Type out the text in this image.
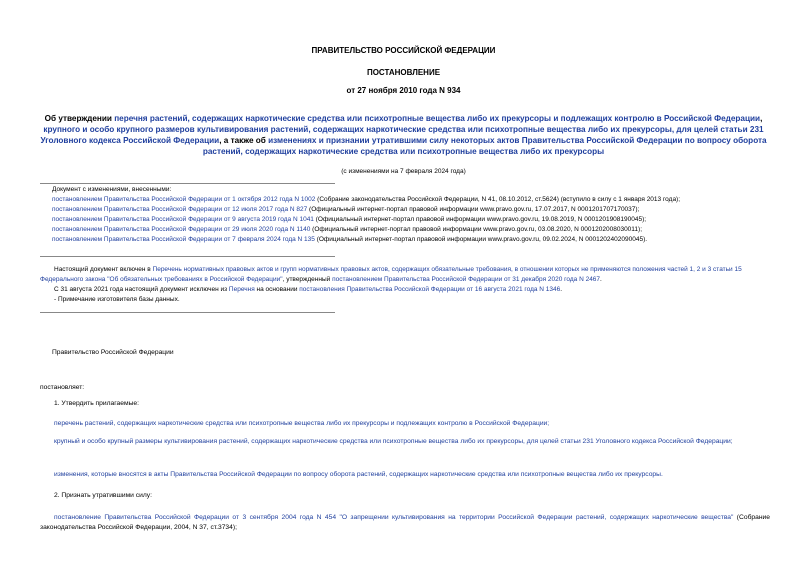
ПРАВИТЕЛЬСТВО РОССИЙСКОЙ ФЕДЕРАЦИИ
ПОСТАНОВЛЕНИЕ
от 27 ноября 2010 года N 934
Об утверждении перечня растений, содержащих наркотические средства или психотропные вещества либо их прекурсоры и подлежащих контролю в Российской Федерации, крупного и особо крупного размеров культивирования растений, содержащих наркотические средства или психотропные вещества либо их прекурсоры, для целей статьи 231 Уголовного кодекса Российской Федерации, а также об изменениях и признании утратившими силу некоторых актов Правительства Российской Федерации по вопросу оборота растений, содержащих наркотические средства или психотропные вещества либо их прекурсоры
(с изменениями на 7 февраля 2024 года)
Документ с изменениями, внесенными:
постановлением Правительства Российской Федерации от 1 октября 2012 года N 1002 (Собрание законодательства Российской Федерации, N 41, 08.10.2012, ст.5624) (вступило в силу с 1 января 2013 года);
постановлением Правительства Российской Федерации от 12 июля 2017 года N 827 (Официальный интернет-портал правовой информации www.pravo.gov.ru, 17.07.2017, N 0001201707170037);
постановлением Правительства Российской Федерации от 9 августа 2019 года N 1041 (Официальный интернет-портал правовой информации www.pravo.gov.ru, 19.08.2019, N 0001201908190045);
постановлением Правительства Российской Федерации от 29 июля 2020 года N 1140 (Официальный интернет-портал правовой информации www.pravo.gov.ru, 03.08.2020, N 0001202008030011);
постановлением Правительства Российской Федерации от 7 февраля 2024 года N 135 (Официальный интернет-портал правовой информации www.pravo.gov.ru, 09.02.2024, N 0001202402090045).
Настоящий документ включен в Перечень нормативных правовых актов и групп нормативных правовых актов, содержащих обязательные требования, в отношении которых не применяются положения частей 1, 2 и 3 статьи 15 Федерального закона "Об обязательных требованиях в Российской Федерации", утвержденный постановлением Правительства Российской Федерации от 31 декабря 2020 года N 2467.
С 31 августа 2021 года настоящий документ исключен из Перечня на основании постановления Правительства Российской Федерации от 16 августа 2021 года N 1346.
- Примечание изготовителя базы данных.
Правительство Российской Федерации
постановляет:
1. Утвердить прилагаемые:
перечень растений, содержащих наркотические средства или психотропные вещества либо их прекурсоры и подлежащих контролю в Российской Федерации;
крупный и особо крупный размеры культивирования растений, содержащих наркотические средства или психотропные вещества либо их прекурсоры, для целей статьи 231 Уголовного кодекса Российской Федерации;
изменения, которые вносятся в акты Правительства Российской Федерации по вопросу оборота растений, содержащих наркотические средства или психотропные вещества либо их прекурсоры.
2. Признать утратившими силу:
постановление Правительства Российской Федерации от 3 сентября 2004 года N 454 "О запрещении культивирования на территории Российской Федерации растений, содержащих наркотические вещества" (Собрание законодательства Российской Федерации, 2004, N 37, ст.3734);
